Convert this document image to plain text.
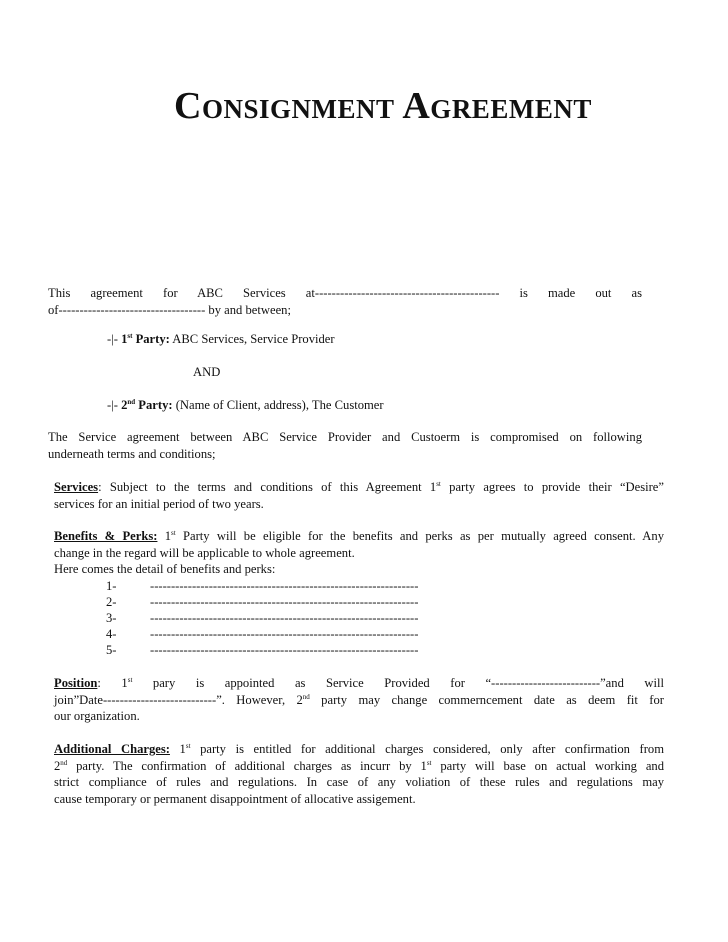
Consignment Agreement
This agreement for ABC Services at-------------------------------------------- is made out as
of----------------------------------- by and between;
-|- 1st Party: ABC Services, Service Provider
AND
-|- 2nd Party: (Name of Client, address), The Customer
The Service agreement between ABC Service Provider and Custoerm is compromised on following
underneath terms and conditions;
Services: Subject to the terms and conditions of this Agreement 1st party agrees to provide their “Desire”
services for an initial period of two years.
Benefits & Perks: 1st Party will be eligible for the benefits and perks as per mutually agreed consent. Any
change in the regard will be applicable to whole agreement.
Here comes the detail of benefits and perks:
1-	----------------------------------------------------------------
2-	----------------------------------------------------------------
3-	----------------------------------------------------------------
4-	----------------------------------------------------------------
5-	----------------------------------------------------------------
Position: 1st pary is appointed as Service Provided for “--------------------------”and will
join”Date---------------------------”. However, 2nd party may change commerncement date as deem fit for
our organization.
Additional Charges: 1st party is entitled for additional charges considered, only after confirmation from
2nd party. The confirmation of additional charges as incurr by 1st party will base on actual working and
strict compliance of rules and regulations. In case of any voliation of these rules and regulations may
cause temporary or permanent disappointment of allocative assigement.
